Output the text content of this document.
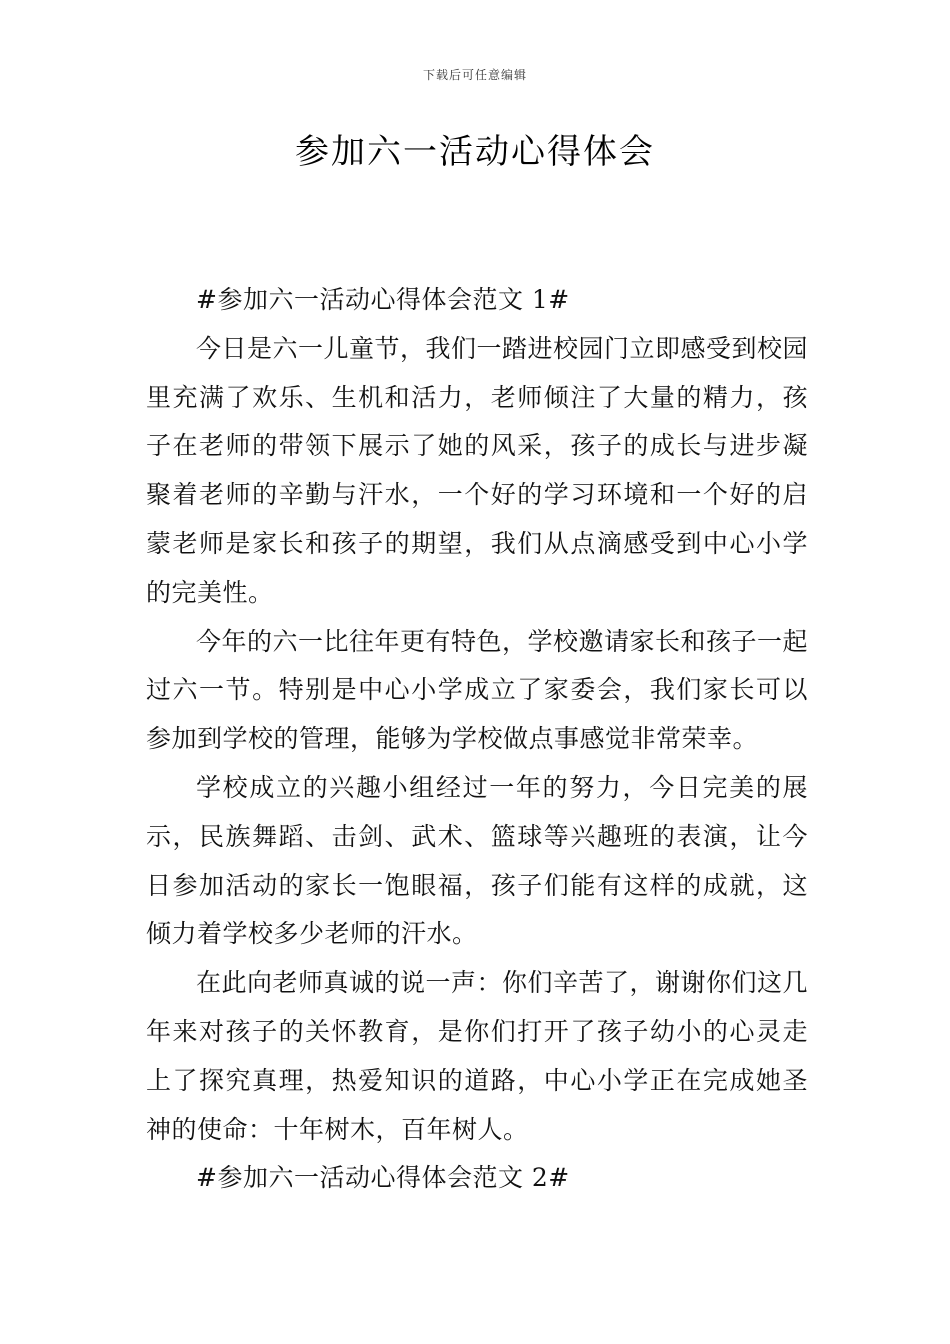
下载后可任意编辑
参加六一活动心得体会

#参加六一活动心得体会范文 1#

今日是六一儿童节，我们一踏进校园门立即感受到校园里充满了欢乐、生机和活力，老师倾注了大量的精力，孩子在老师的带领下展示了她的风采，孩子的成长与进步凝聚着老师的辛勤与汗水，一个好的学习环境和一个好的启蒙老师是家长和孩子的期望，我们从点滴感受到中心小学的完美性。

今年的六一比往年更有特色，学校邀请家长和孩子一起过六一节。特别是中心小学成立了家委会，我们家长可以参加到学校的管理，能够为学校做点事感觉非常荣幸。

学校成立的兴趣小组经过一年的努力，今日完美的展示，民族舞蹈、击剑、武术、篮球等兴趣班的表演，让今日参加活动的家长一饱眼福，孩子们能有这样的成就，这倾力着学校多少老师的汗水。

在此向老师真诚的说一声：你们辛苦了，谢谢你们这几年来对孩子的关怀教育，是你们打开了孩子幼小的心灵走上了探究真理，热爱知识的道路，中心小学正在完成她圣神的使命：十年树木，百年树人。

#参加六一活动心得体会范文 2#
